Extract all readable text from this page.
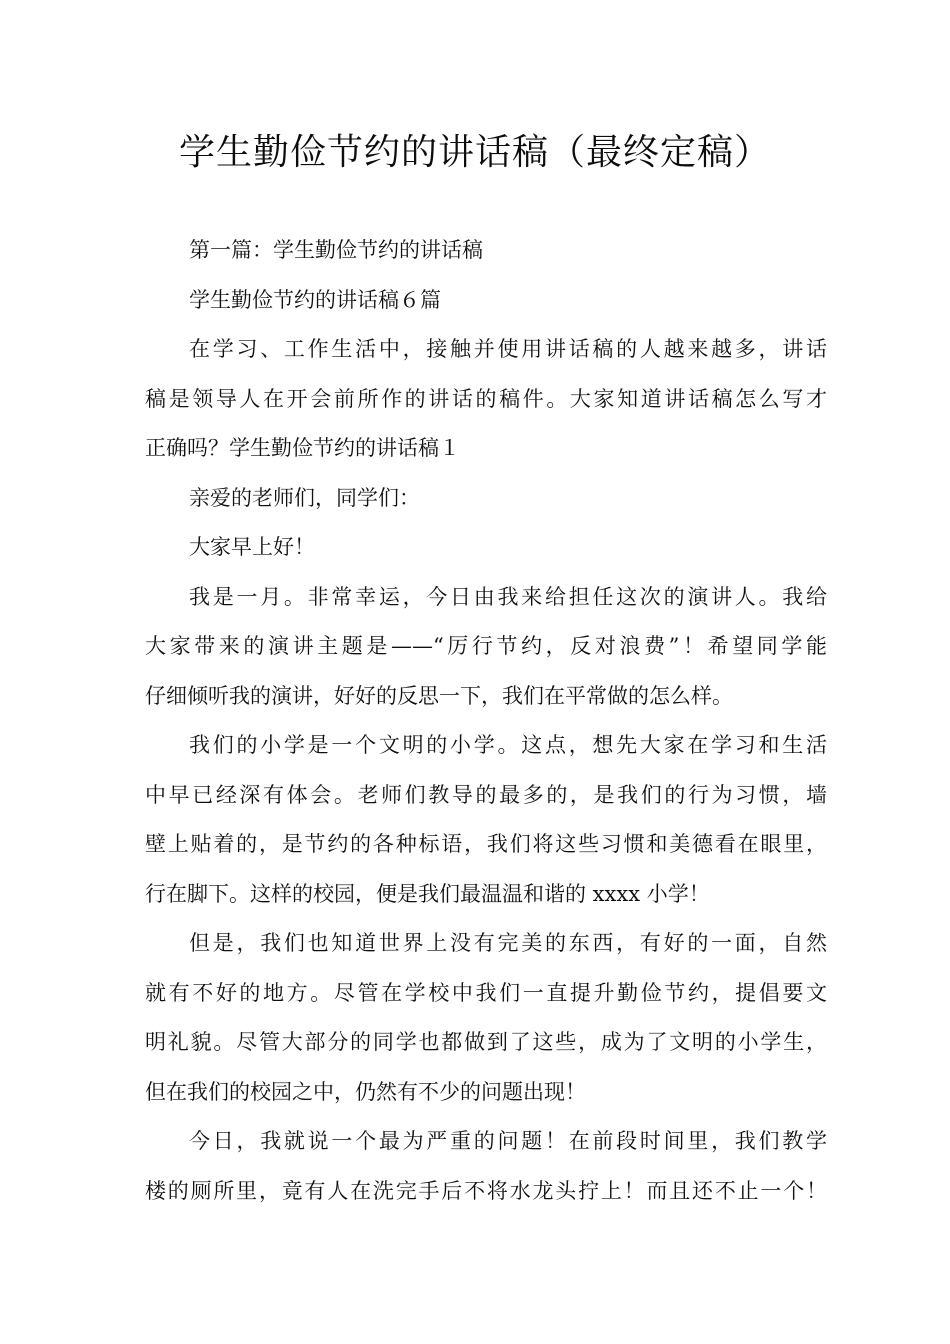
学生勤俭节约的讲话稿（最终定稿）
第一篇：学生勤俭节约的讲话稿
学生勤俭节约的讲话稿６篇
在学习、工作生活中，接触并使用讲话稿的人越来越多，讲话
稿是领导人在开会前所作的讲话的稿件。大家知道讲话稿怎么写才
正确吗？学生勤俭节约的讲话稿１
亲爱的老师们，同学们：
大家早上好！
我是一月。非常幸运，今日由我来给担任这次的演讲人。我给
大家带来的演讲主题是——“厉行节约，反对浪费”！希望同学能
仔细倾听我的演讲，好好的反思一下，我们在平常做的怎么样。
我们的小学是一个文明的小学。这点，想先大家在学习和生活
中早已经深有体会。老师们教导的最多的，是我们的行为习惯，墙
壁上贴着的，是节约的各种标语，我们将这些习惯和美德看在眼里，
行在脚下。这样的校园，便是我们最温温和谐的 xxxx 小学！
但是，我们也知道世界上没有完美的东西，有好的一面，自然
就有不好的地方。尽管在学校中我们一直提升勤俭节约，提倡要文
明礼貌。尽管大部分的同学也都做到了这些，成为了文明的小学生，
但在我们的校园之中，仍然有不少的问题出现！
今日，我就说一个最为严重的问题！在前段时间里，我们教学
楼的厕所里，竟有人在洗完手后不将水龙头拧上！而且还不止一个！
